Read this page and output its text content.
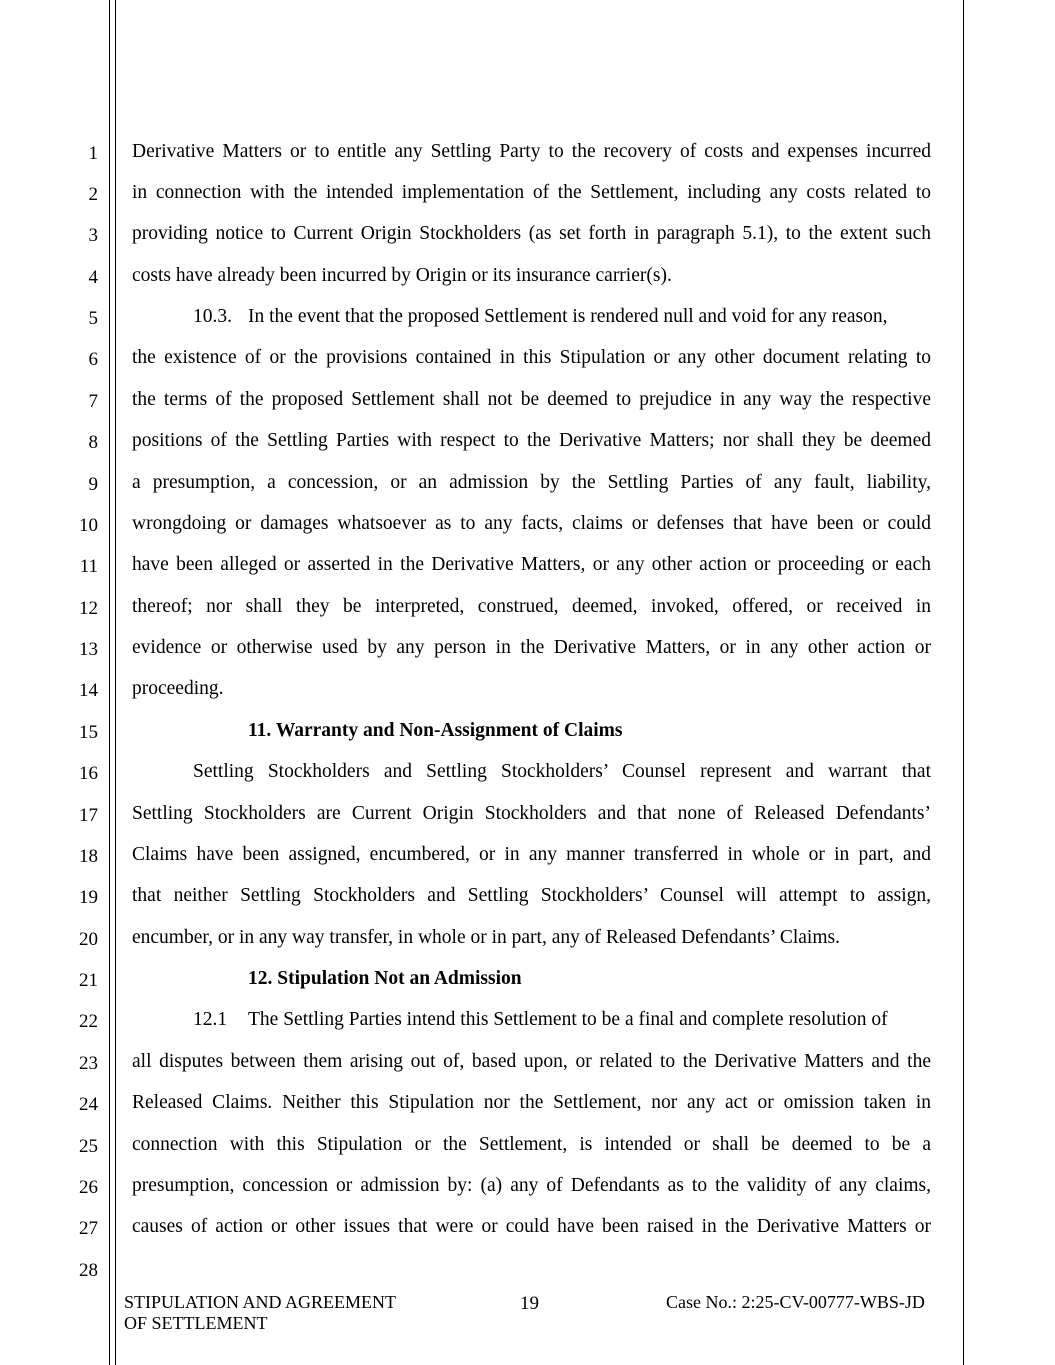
1
2
3
4
5
6
7
8
9
10
11
12
13
14
15
16
17
18
19
20
21
22
23
24
25
26
27
28
Derivative Matters or to entitle any Settling Party to the recovery of costs and expenses incurred
in connection with the intended implementation of the Settlement, including any costs related to
providing notice to Current Origin Stockholders (as set forth in paragraph 5.1), to the extent such
costs have already been incurred by Origin or its insurance carrier(s).
10.3. In the event that the proposed Settlement is rendered null and void for any reason,
the existence of or the provisions contained in this Stipulation or any other document relating to
the terms of the proposed Settlement shall not be deemed to prejudice in any way the respective
positions of the Settling Parties with respect to the Derivative Matters; nor shall they be deemed
a presumption, a concession, or an admission by the Settling Parties of any fault, liability,
wrongdoing or damages whatsoever as to any facts, claims or defenses that have been or could
have been alleged or asserted in the Derivative Matters, or any other action or proceeding or each
thereof; nor shall they be interpreted, construed, deemed, invoked, offered, or received in
evidence or otherwise used by any person in the Derivative Matters, or in any other action or
proceeding.
11. Warranty and Non-Assignment of Claims
Settling Stockholders and Settling Stockholders’ Counsel represent and warrant that
Settling Stockholders are Current Origin Stockholders and that none of Released Defendants’
Claims have been assigned, encumbered, or in any manner transferred in whole or in part, and
that neither Settling Stockholders and Settling Stockholders’ Counsel will attempt to assign,
encumber, or in any way transfer, in whole or in part, any of Released Defendants’ Claims.
12. Stipulation Not an Admission
12.1 The Settling Parties intend this Settlement to be a final and complete resolution of
all disputes between them arising out of, based upon, or related to the Derivative Matters and the
Released Claims. Neither this Stipulation nor the Settlement, nor any act or omission taken in
connection with this Stipulation or the Settlement, is intended or shall be deemed to be a
presumption, concession or admission by: (a) any of Defendants as to the validity of any claims,
causes of action or other issues that were or could have been raised in the Derivative Matters or
STIPULATION AND AGREEMENT
OF SETTLEMENT
19	Case No.: 2:25-CV-00777-WBS-JD
